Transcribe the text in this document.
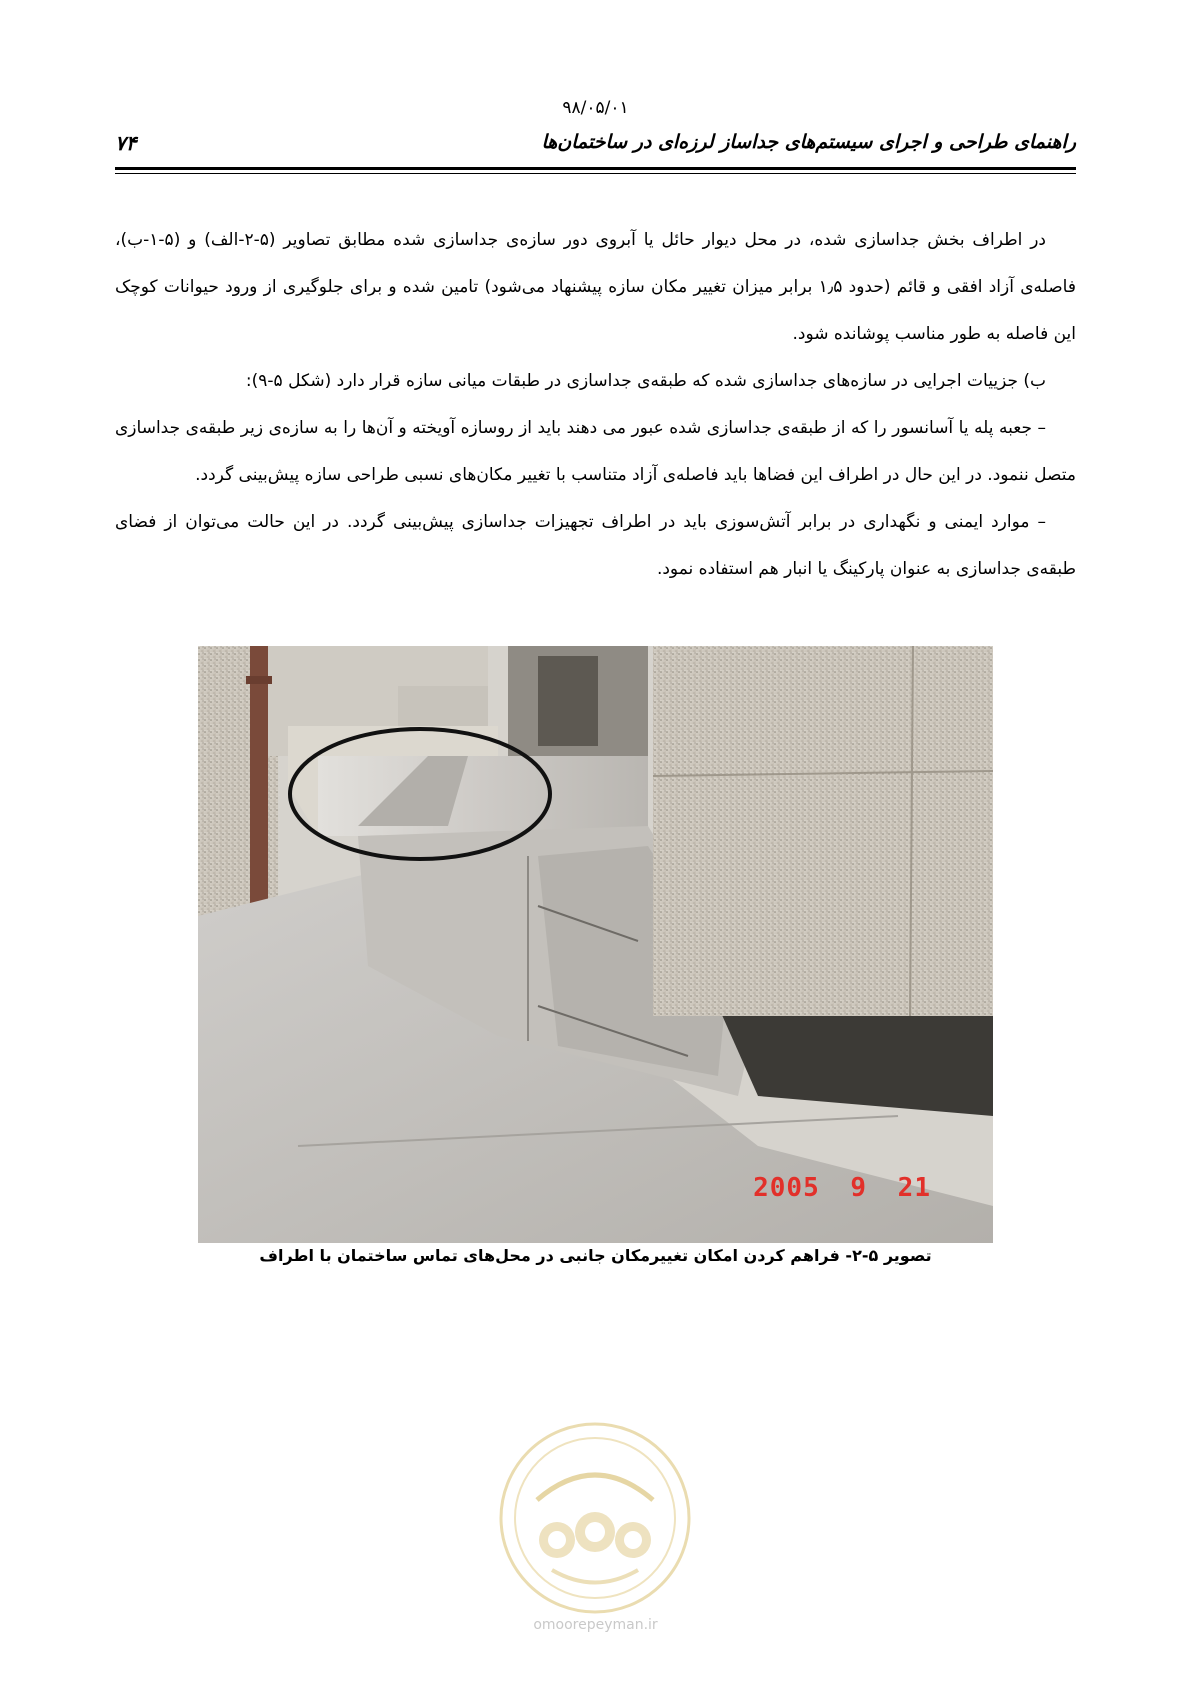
۹۸/۰۵/۰۱
۷۴	راهنمای طراحی و اجرای سیستم‌های جداساز لرزه‌ای در ساختمان‌ها

در اطراف بخش جداسازی شده، در محل دیوار حائل یا آبروی دور سازه‌ی جداسازی شده مطابق تصاویر (۵-۲-الف) و (۵-۱-ب)، فاصله‌ی آزاد افقی و قائم (حدود ۱٫۵ برابر میزان تغییر مکان سازه پیشنهاد می‌شود) تامین شده و برای جلوگیری از ورود حیوانات کوچک این فاصله به طور مناسب پوشانده شود.

ب) جزییات اجرایی در سازه‌های جداسازی شده که طبقه‌ی جداسازی در طبقات میانی سازه قرار دارد (شکل ۵-۹):

– جعبه پله یا آسانسور را که از طبقه‌ی جداسازی شده عبور می دهند باید از روسازه آویخته و آن‌ها را به سازه‌ی زیر طبقه‌ی جداسازی متصل ننمود. در این حال در اطراف این فضاها باید فاصله‌ی آزاد متناسب با تغییر مکان‌های نسبی طراحی سازه پیش‌بینی گردد.

– موارد ایمنی و نگهداری در برابر آتش‌سوزی باید در اطراف تجهیزات جداسازی پیش‌بینی گردد. در این حالت می‌توان از فضای طبقه‌ی جداسازی به عنوان پارکینگ یا انبار هم استفاده نمود.

2005 9 21
تصویر ۵-۲- فراهم کردن امکان تغییرمکان جانبی در محل‌های تماس ساختمان با اطراف
omoorepeyman.ir
